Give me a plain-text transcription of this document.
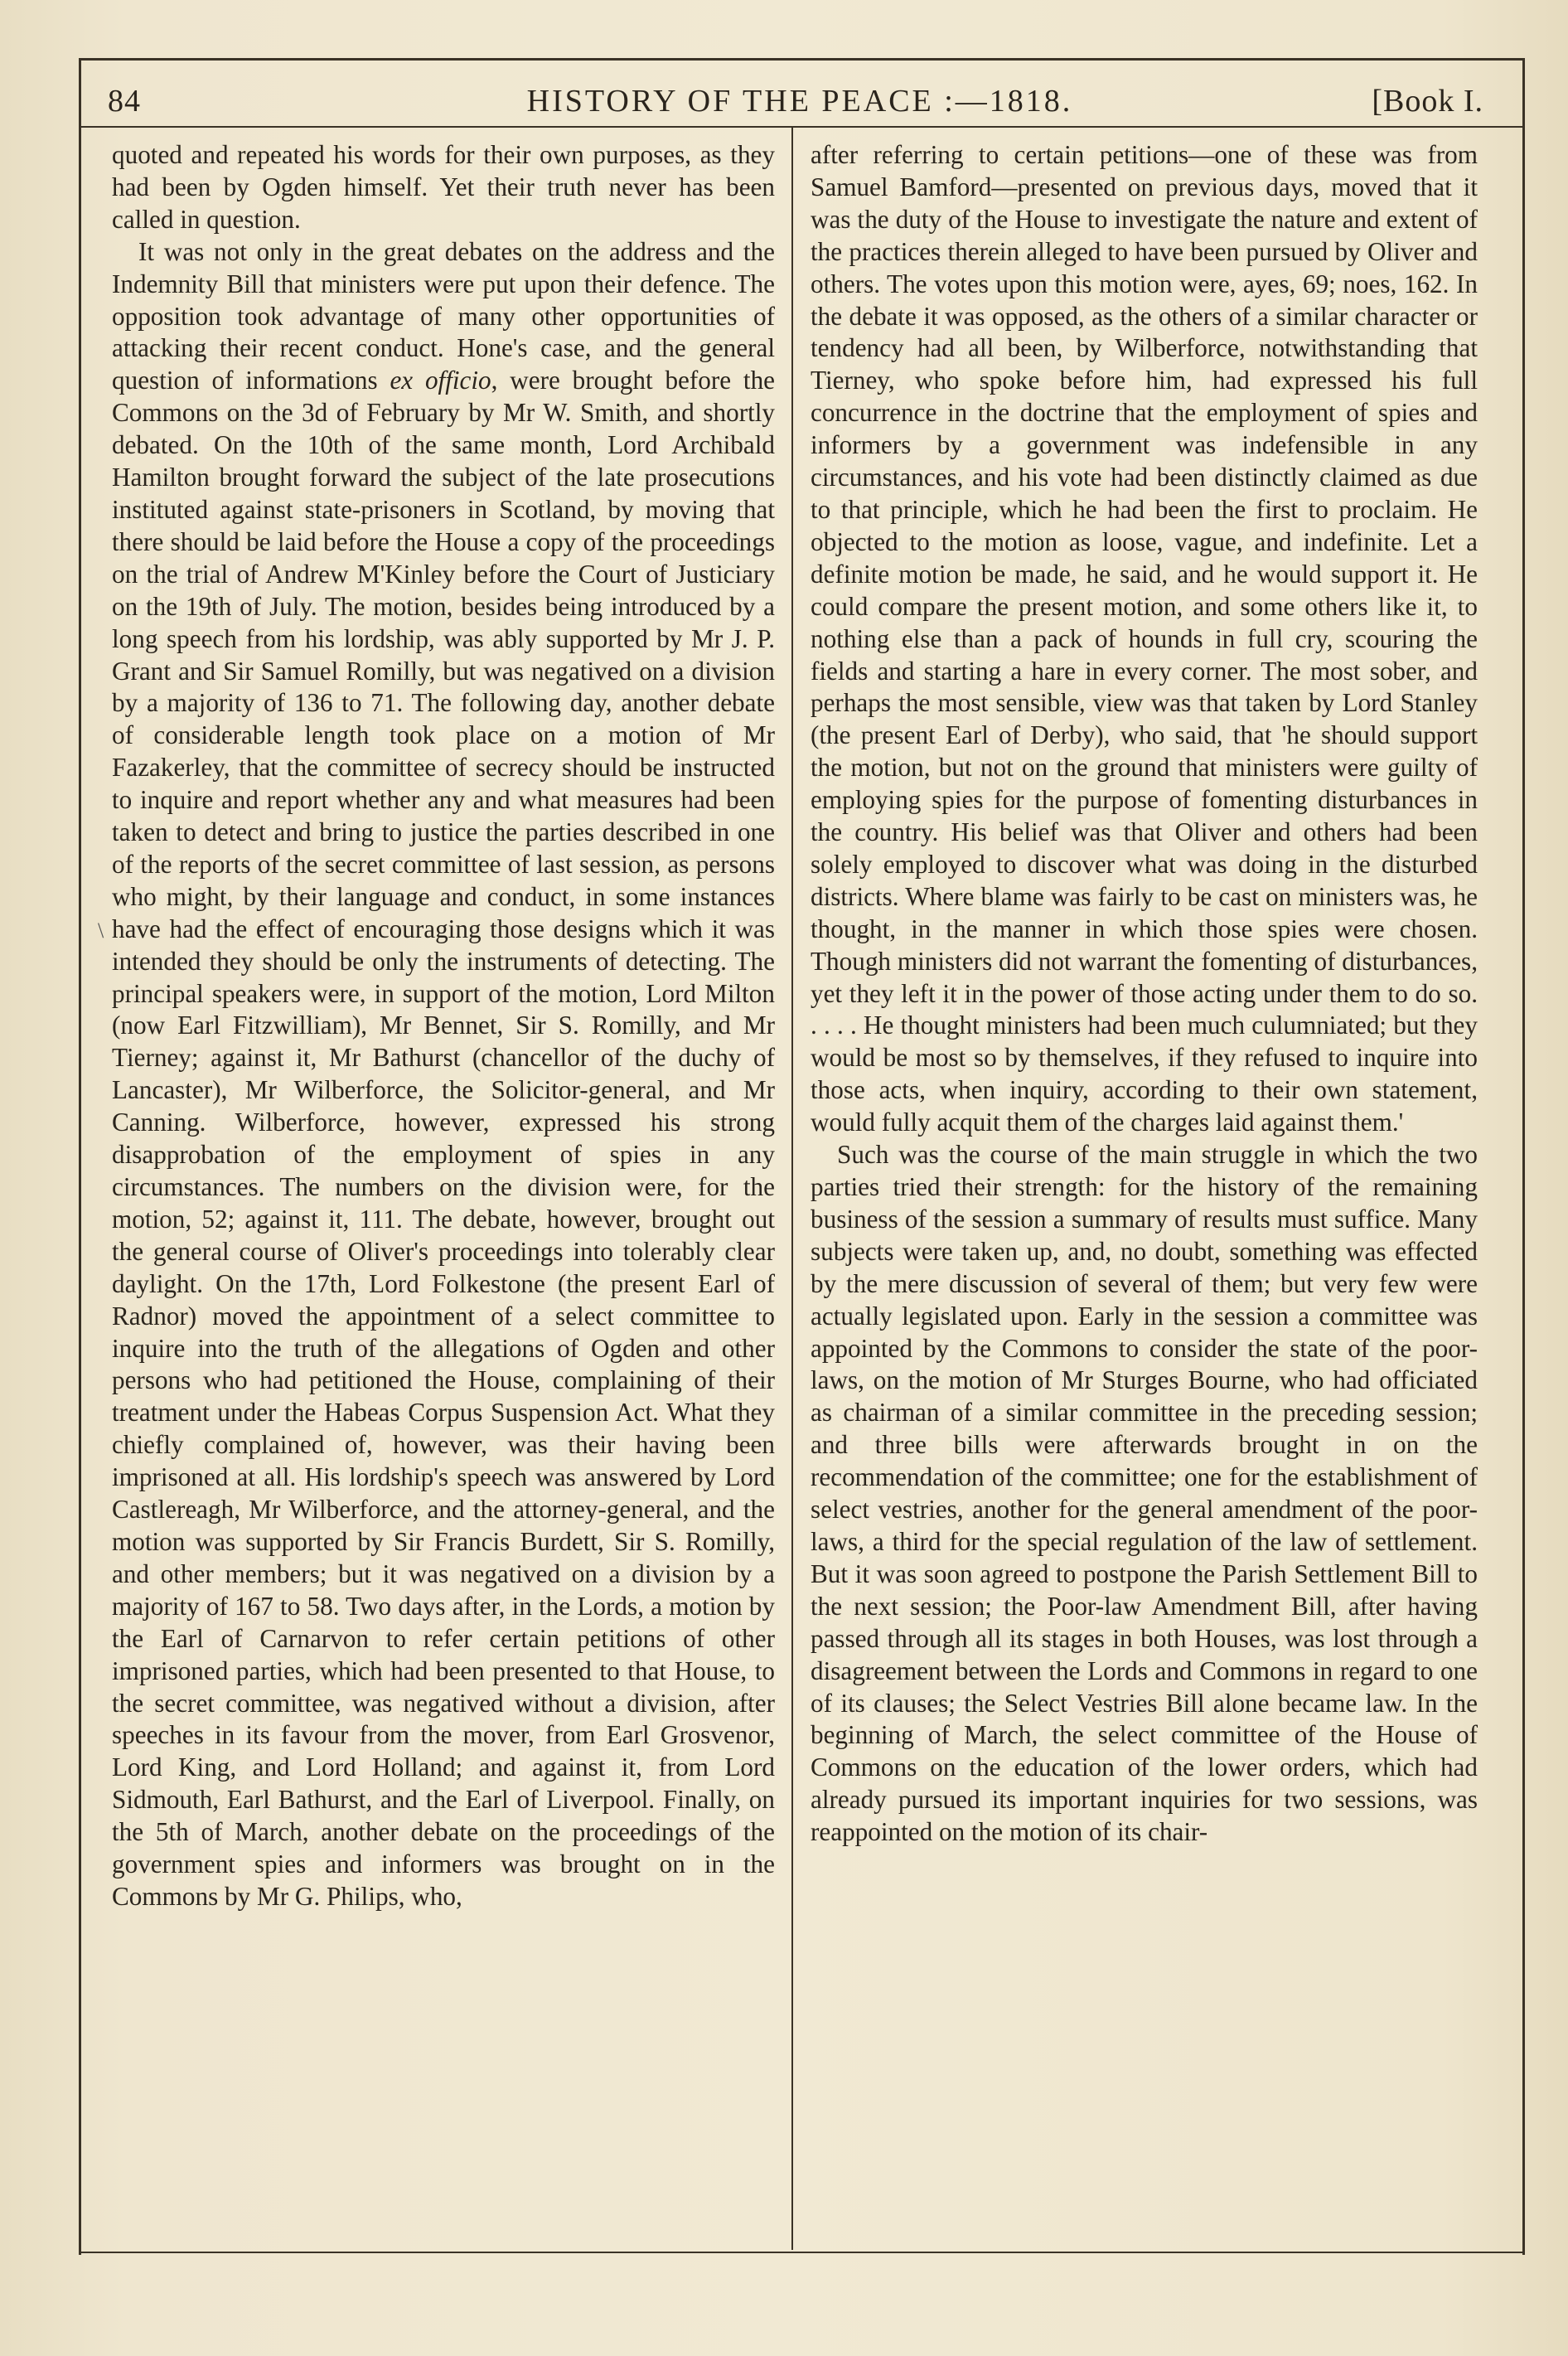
84	HISTORY OF THE PEACE :—1818.	[Book I.
\

quoted and repeated his words for their own purposes, as they had been by Ogden himself. Yet their truth never has been called in question.

It was not only in the great debates on the address and the Indemnity Bill that ministers were put upon their defence. The opposition took advantage of many other opportunities of attacking their recent conduct. Hone's case, and the general question of informations ex officio, were brought before the Commons on the 3d of February by Mr W. Smith, and shortly debated. On the 10th of the same month, Lord Archibald Hamilton brought forward the subject of the late prosecutions instituted against state-prisoners in Scotland, by moving that there should be laid before the House a copy of the proceedings on the trial of Andrew M'Kinley before the Court of Justiciary on the 19th of July. The motion, besides being introduced by a long speech from his lordship, was ably supported by Mr J. P. Grant and Sir Samuel Romilly, but was negatived on a division by a majority of 136 to 71. The following day, another debate of considerable length took place on a motion of Mr Fazakerley, that the committee of secrecy should be instructed to inquire and report whether any and what measures had been taken to detect and bring to justice the parties described in one of the reports of the secret committee of last session, as persons who might, by their language and conduct, in some instances have had the effect of encouraging those designs which it was intended they should be only the instruments of detecting. The principal speakers were, in support of the motion, Lord Milton (now Earl Fitzwilliam), Mr Bennet, Sir S. Romilly, and Mr Tierney; against it, Mr Bathurst (chancellor of the duchy of Lancaster), Mr Wilberforce, the Solicitor-general, and Mr Canning. Wilberforce, however, expressed his strong disapprobation of the employment of spies in any circumstances. The numbers on the division were, for the motion, 52; against it, 111. The debate, however, brought out the general course of Oliver's proceedings into tolerably clear daylight. On the 17th, Lord Folkestone (the present Earl of Radnor) moved the appointment of a select committee to inquire into the truth of the allegations of Ogden and other persons who had petitioned the House, complaining of their treatment under the Habeas Corpus Suspension Act. What they chiefly complained of, however, was their having been imprisoned at all. His lordship's speech was answered by Lord Castlereagh, Mr Wilberforce, and the attorney-general, and the motion was supported by Sir Francis Burdett, Sir S. Romilly, and other members; but it was negatived on a division by a majority of 167 to 58. Two days after, in the Lords, a motion by the Earl of Carnarvon to refer certain petitions of other imprisoned parties, which had been presented to that House, to the secret committee, was negatived without a division, after speeches in its favour from the mover, from Earl Grosvenor, Lord King, and Lord Holland; and against it, from Lord Sidmouth, Earl Bathurst, and the Earl of Liverpool. Finally, on the 5th of March, another debate on the proceedings of the government spies and informers was brought on in the Commons by Mr G. Philips, who,

after referring to certain petitions—one of these was from Samuel Bamford—presented on previous days, moved that it was the duty of the House to investigate the nature and extent of the practices therein alleged to have been pursued by Oliver and others. The votes upon this motion were, ayes, 69; noes, 162. In the debate it was opposed, as the others of a similar character or tendency had all been, by Wilberforce, notwithstanding that Tierney, who spoke before him, had expressed his full concurrence in the doctrine that the employment of spies and informers by a government was indefensible in any circumstances, and his vote had been distinctly claimed as due to that principle, which he had been the first to proclaim. He objected to the motion as loose, vague, and indefinite. Let a definite motion be made, he said, and he would support it. He could compare the present motion, and some others like it, to nothing else than a pack of hounds in full cry, scouring the fields and starting a hare in every corner. The most sober, and perhaps the most sensible, view was that taken by Lord Stanley (the present Earl of Derby), who said, that 'he should support the motion, but not on the ground that ministers were guilty of employing spies for the purpose of fomenting disturbances in the country. His belief was that Oliver and others had been solely employed to discover what was doing in the disturbed districts. Where blame was fairly to be cast on ministers was, he thought, in the manner in which those spies were chosen. Though ministers did not warrant the fomenting of disturbances, yet they left it in the power of those acting under them to do so. . . . . He thought ministers had been much culumniated; but they would be most so by themselves, if they refused to inquire into those acts, when inquiry, according to their own statement, would fully acquit them of the charges laid against them.'

Such was the course of the main struggle in which the two parties tried their strength: for the history of the remaining business of the session a summary of results must suffice. Many subjects were taken up, and, no doubt, something was effected by the mere discussion of several of them; but very few were actually legislated upon. Early in the session a committee was appointed by the Commons to consider the state of the poor-laws, on the motion of Mr Sturges Bourne, who had officiated as chairman of a similar committee in the preceding session; and three bills were afterwards brought in on the recommendation of the committee; one for the establishment of select vestries, another for the general amendment of the poor-laws, a third for the special regulation of the law of settlement. But it was soon agreed to postpone the Parish Settlement Bill to the next session; the Poor-law Amendment Bill, after having passed through all its stages in both Houses, was lost through a disagreement between the Lords and Commons in regard to one of its clauses; the Select Vestries Bill alone became law. In the beginning of March, the select committee of the House of Commons on the education of the lower orders, which had already pursued its important inquiries for two sessions, was reappointed on the motion of its chair-
